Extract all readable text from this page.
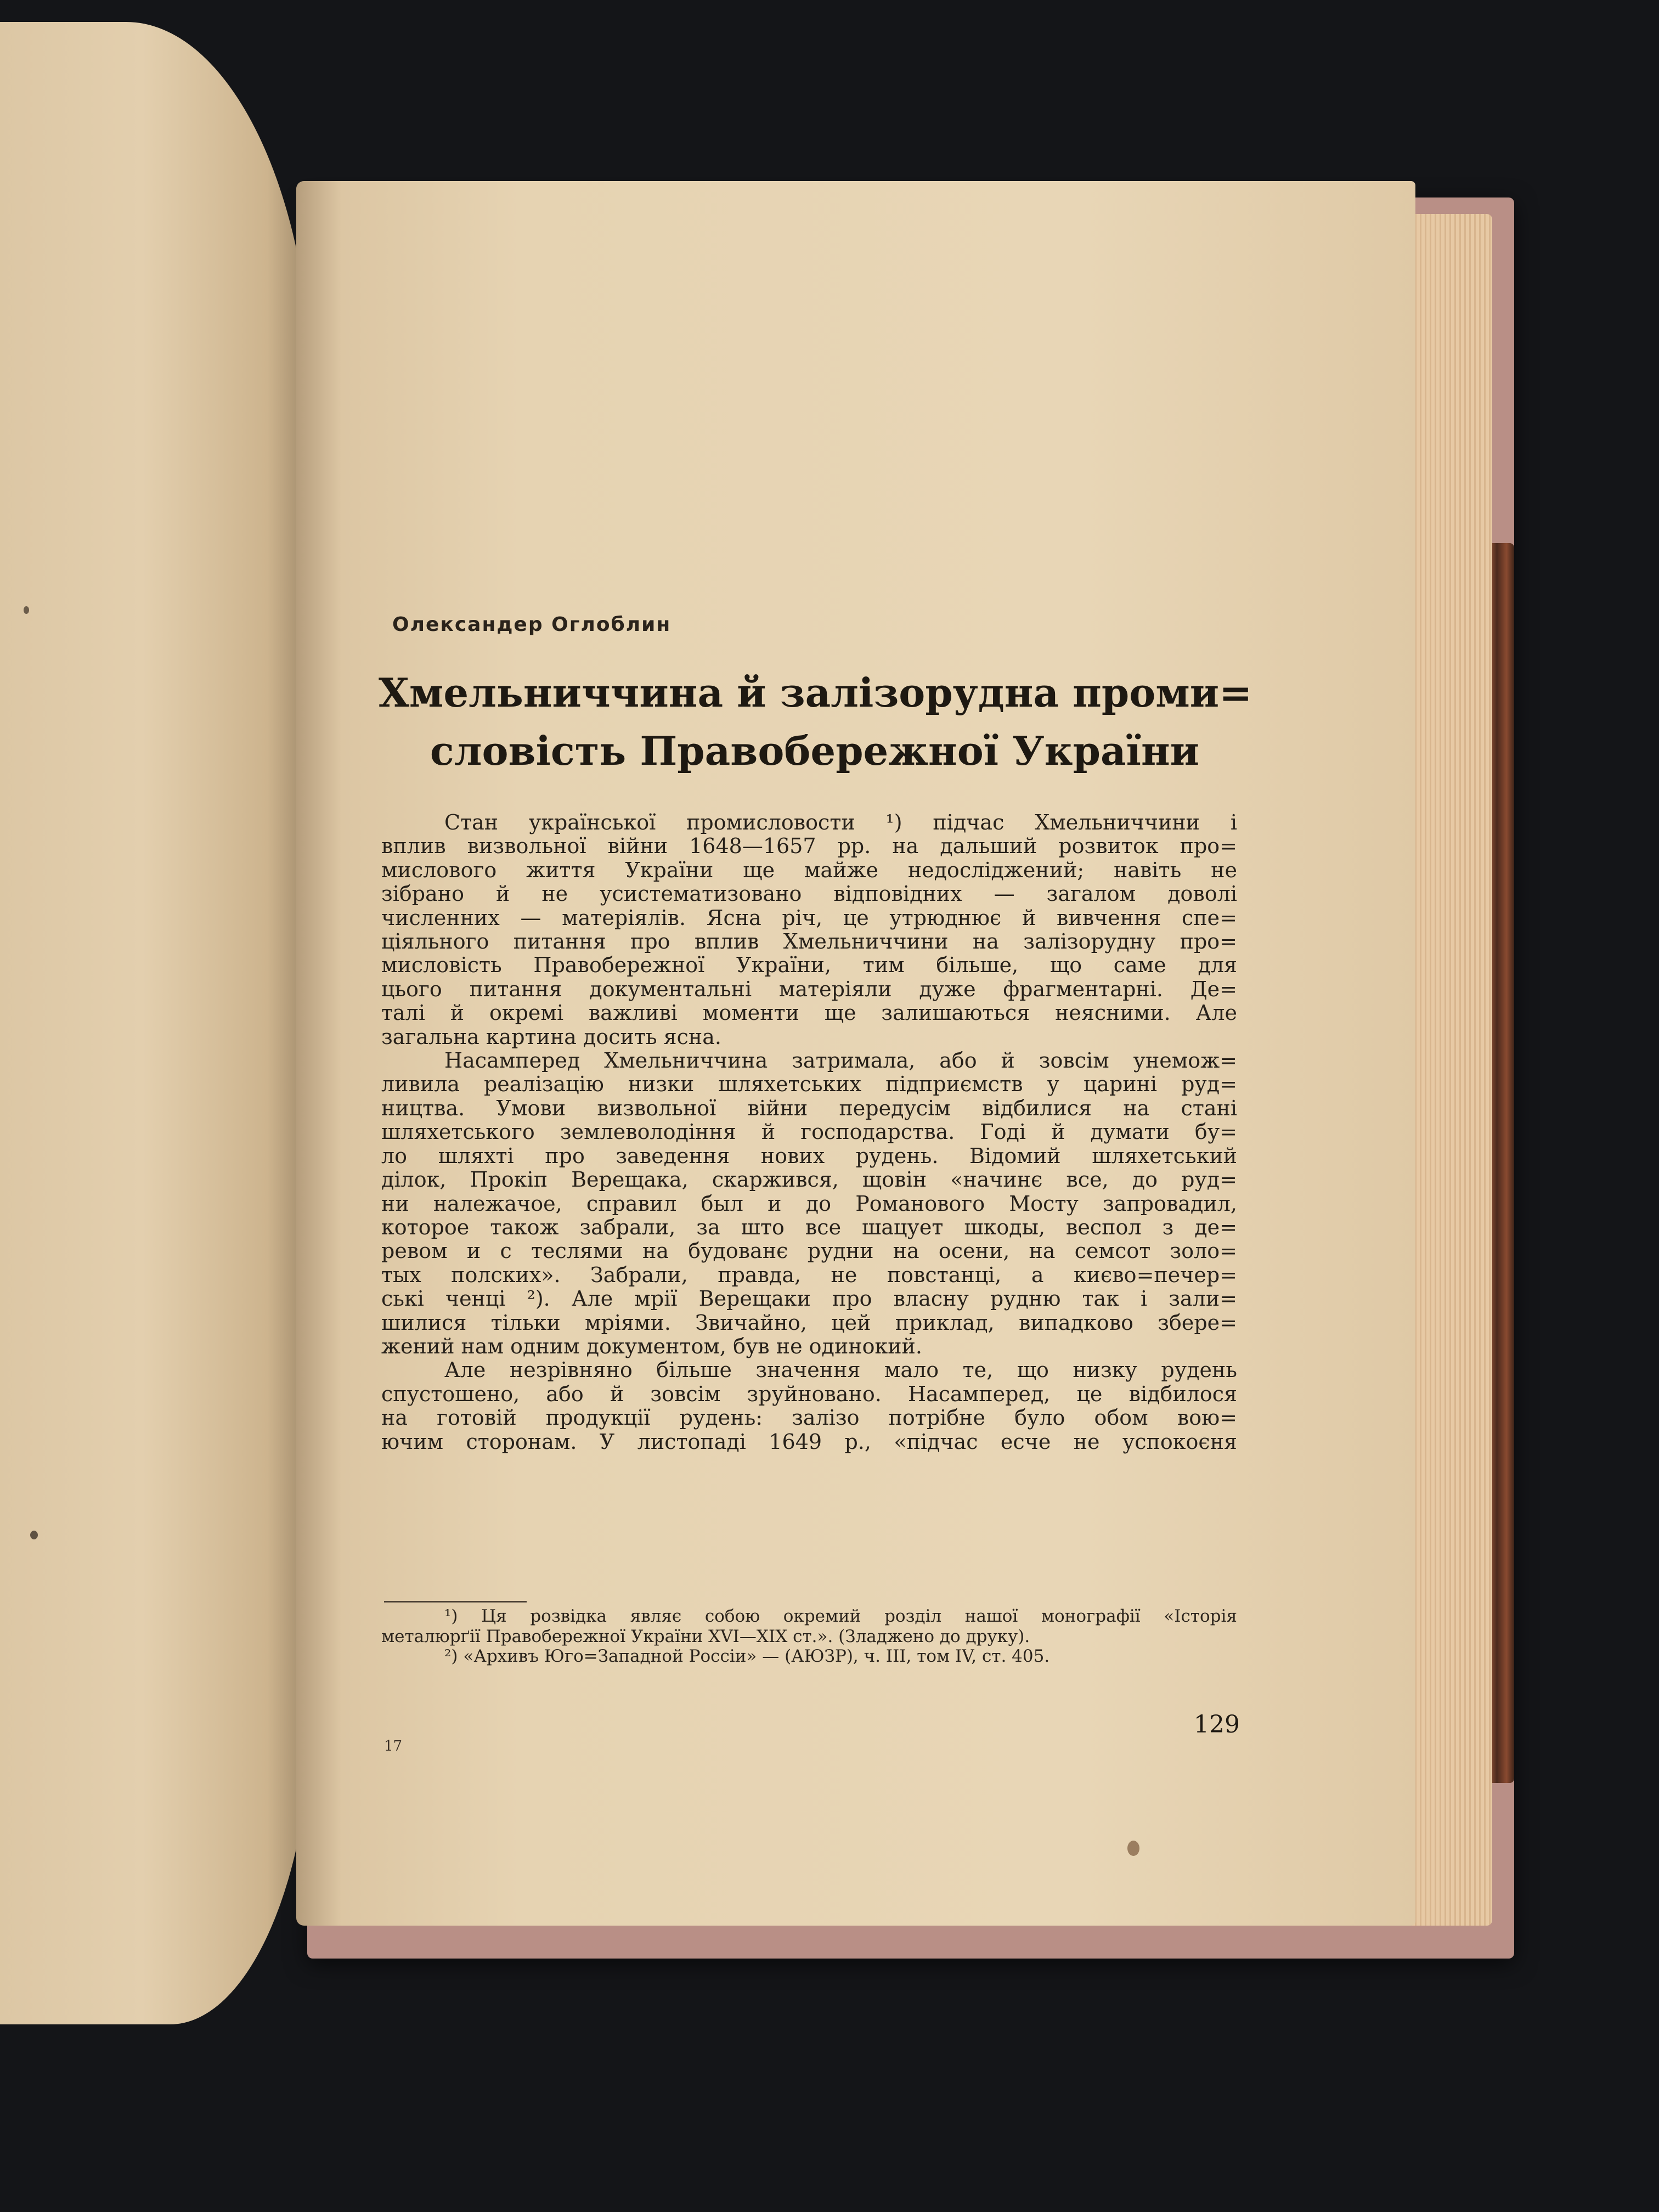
Олександер Оглоблин
Хмельниччина й залізорудна проми=
словість Правобережної України
Стан української промисловости ¹) підчас Хмельниччини і
вплив визвольної війни 1648—1657 рр. на дальший розвиток про=
мислового життя України ще майже недосліджений; навіть не
зібрано й не усистематизовано відповідних — загалом доволі
численних — матеріялів. Ясна річ, це утрюднює й вивчення спе=
ціяльного питання про вплив Хмельниччини на залізорудну про=
мисловість Правобережної України, тим більше, що саме для
цього питання документальні матеріяли дуже фрагментарні. Де=
талі й окремі важливі моменти ще залишаються неясними. Але
загальна картина досить ясна.
Насамперед Хмельниччина затримала, або й зовсім унемож=
ливила реалізацію низки шляхетських підприємств у царині руд=
ництва. Умови визвольної війни передусім відбилися на стані
шляхетського землеволодіння й господарства. Годі й думати бу=
ло шляхті про заведення нових рудень. Відомий шляхетський
ділок, Прокіп Верещака, скаржився, щовін «начинє все, до руд=
ни належачое, справил был и до Романового Мосту запровадил,
которое також забрали, за што все шацует шкоды, веспол з де=
ревом и с теслями на будованє рудни на осени, на семсот золо=
тых полских». Забрали, правда, не повстанці, а києво=печер=
ські ченці ²). Але мрії Верещаки про власну рудню так і зали=
шилися тільки мріями. Звичайно, цей приклад, випадково збере=
жений нам одним документом, був не одинокий.
Але незрівняно більше значення мало те, що низку рудень
спустошено, або й зовсім зруйновано. Насамперед, це відбилося
на готовій продукції рудень: залізо потрібне було обом вою=
ючим сторонам. У листопаді 1649 р., «підчас есче не успокоєня
¹) Ця розвідка являє собою окремий розділ нашої монографії «Історія
металюрґії Правобережної України XVI—XIX ст.». (Зладжено до друку).
²) «Архивъ Юго=Западной Россіи» — (АЮЗР), ч. III, том IV, ст. 405.
17
129
